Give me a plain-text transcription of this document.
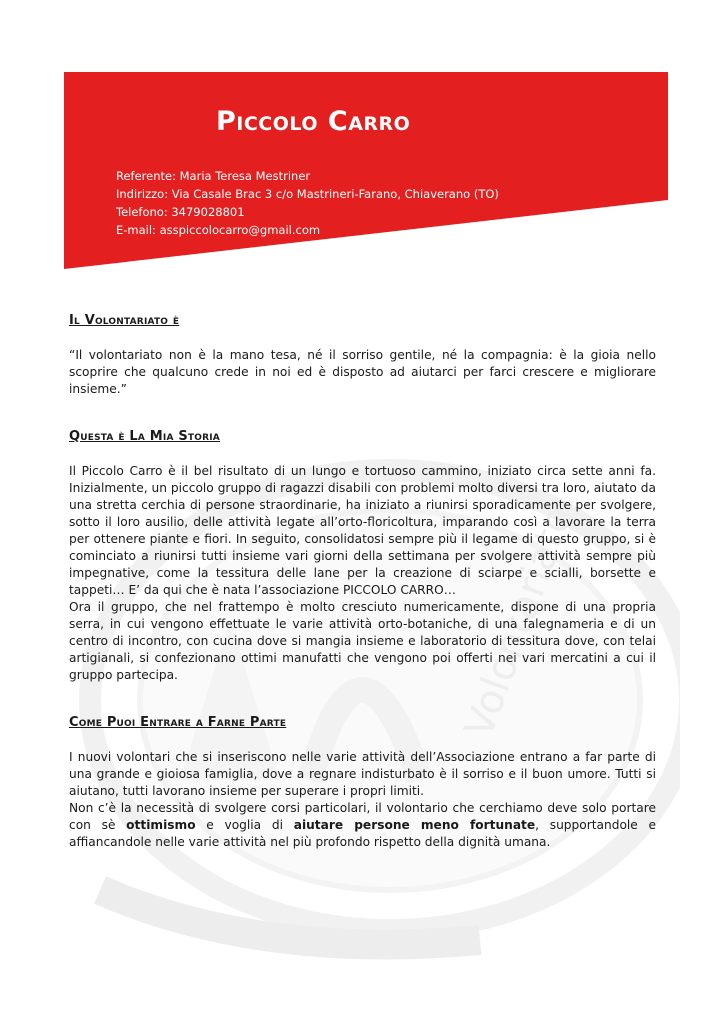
Volontariato
Piccolo Carro
Referente: Maria Teresa Mestriner
Indirizzo: Via Casale Brac 3 c/o Mastrineri-Farano, Chiaverano (TO)
Telefono: 3479028801
E-mail: asspiccolocarro@gmail.com
Il Volontariato è

“Il volontariato non è la mano tesa, né il sorriso gentile, né la compagnia: è la gioia nello scoprire che qualcuno crede in noi ed è disposto ad aiutarci per farci crescere e migliorare insieme.”

Questa è La Mia Storia

Il Piccolo Carro è il bel risultato di un lungo e tortuoso cammino, iniziato circa sette anni fa. Inizialmente, un piccolo gruppo di ragazzi disabili con problemi molto diversi tra loro, aiutato da una stretta cerchia di persone straordinarie, ha iniziato a riunirsi sporadicamente per svolgere, sotto il loro ausilio, delle attività legate all’orto-floricoltura, imparando così a lavorare la terra per ottenere piante e fiori. In seguito, consolidatosi sempre più il legame di questo gruppo, si è cominciato a riunirsi tutti insieme vari giorni della settimana per svolgere attività sempre più impegnative, come la tessitura delle lane per la creazione di sciarpe e scialli, borsette e tappeti… E’ da qui che è nata l’associazione PICCOLO CARRO…

Ora il gruppo, che nel frattempo è molto cresciuto numericamente, dispone di una propria serra, in cui vengono effettuate le varie attività orto-botaniche, di una falegnameria e di un centro di incontro, con cucina dove si mangia insieme e laboratorio di tessitura dove, con telai artigianali, si confezionano ottimi manufatti che vengono poi offerti nei vari mercatini a cui il gruppo partecipa.

Come Puoi Entrare a Farne Parte

I nuovi volontari che si inseriscono nelle varie attività dell’Associazione entrano a far parte di una grande e gioiosa famiglia, dove a regnare indisturbato è il sorriso e il buon umore. Tutti si aiutano, tutti lavorano insieme per superare i propri limiti.

Non c’è la necessità di svolgere corsi particolari, il volontario che cerchiamo deve solo portare con sè ottimismo e voglia di aiutare persone meno fortunate, supportandole e affiancandole nelle varie attività nel più profondo rispetto della dignità umana.
